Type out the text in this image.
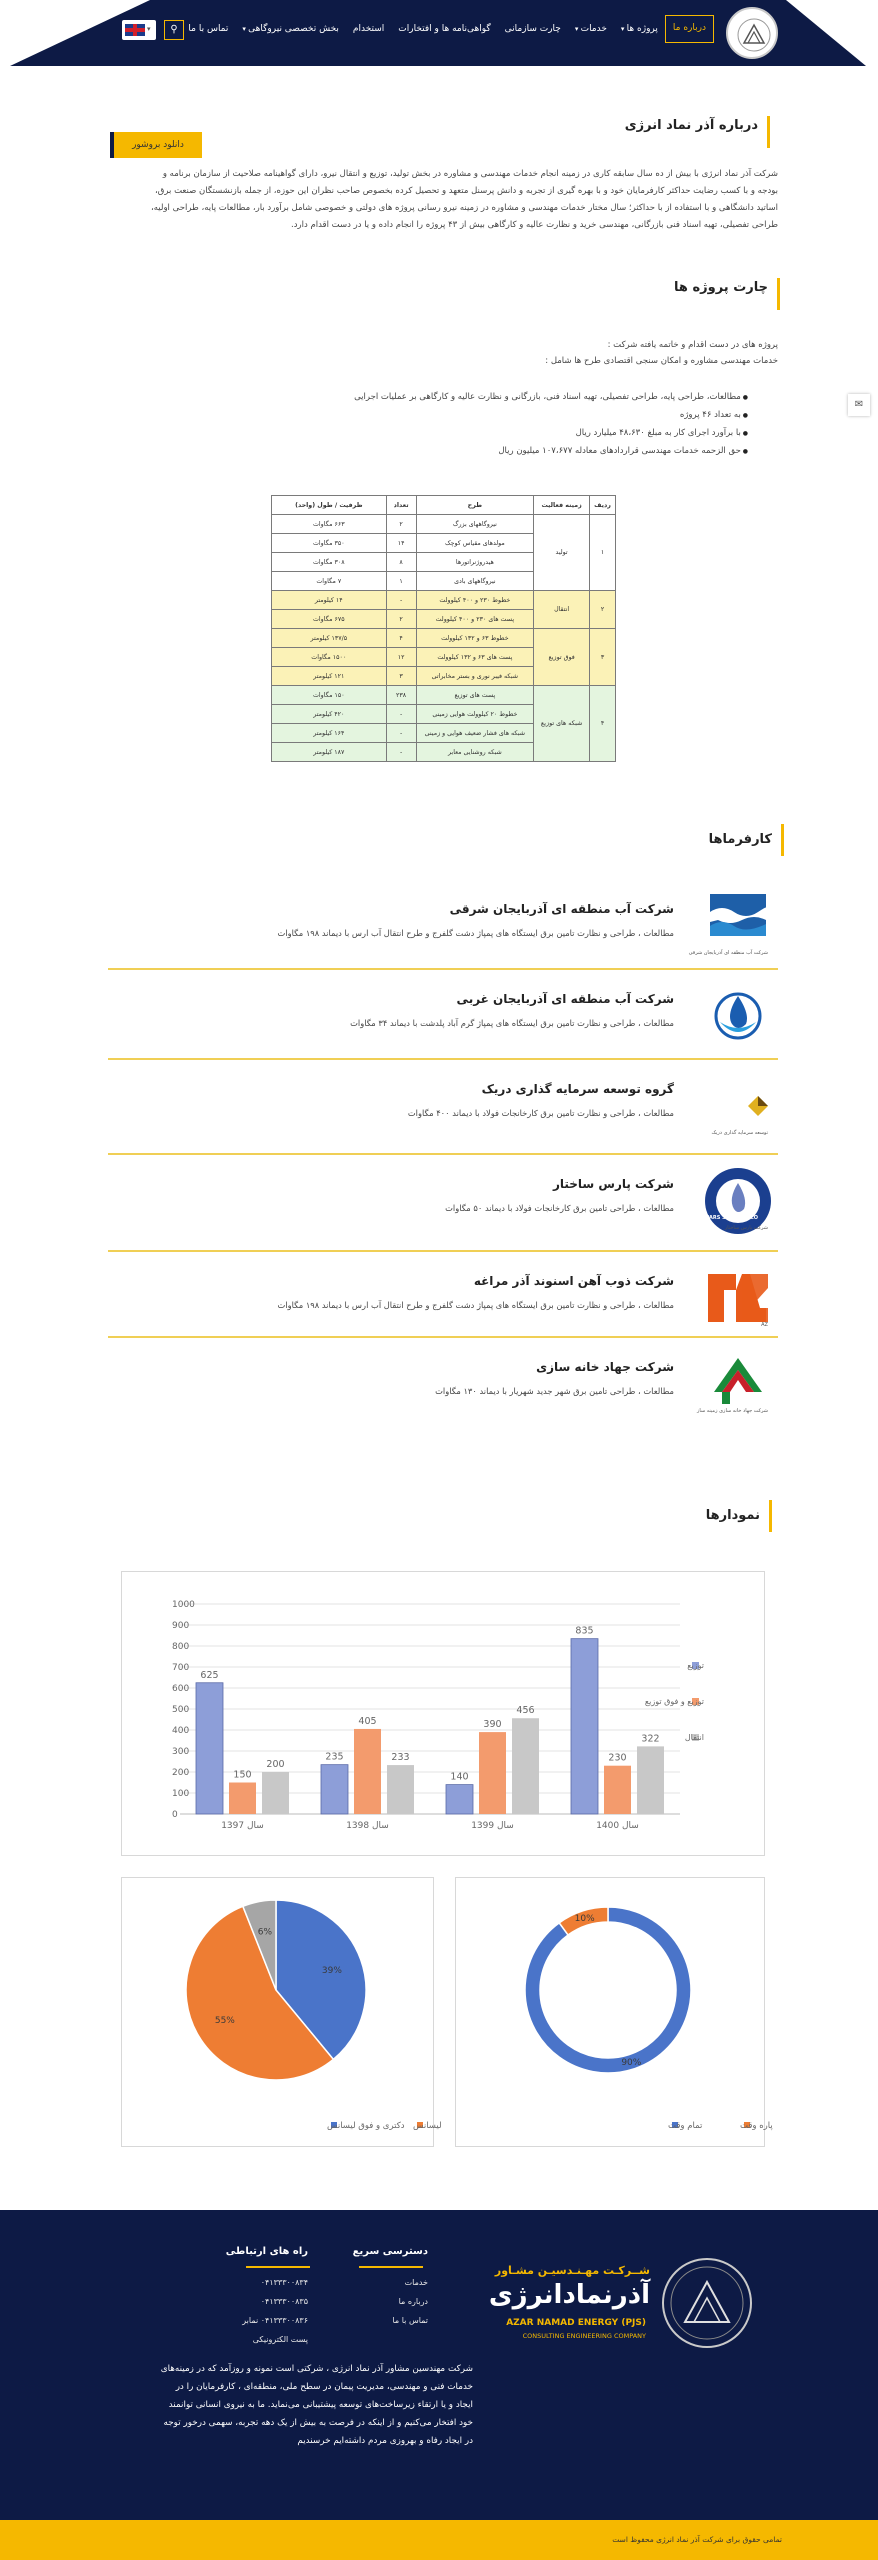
درباره ما
پروژه ها ▾
خدمات ▾
چارت سازمانی
گواهی‌نامه ها و افتخارات
استخدام
بخش تخصصی نیروگاهی ▾
تماس با ما
⚲
▾
درباره آذر نماد انرژی
دانلود بروشور
شرکت آذر نماد انرژی با بیش از ده سال سابقه کاری در زمینه انجام خدمات مهندسی و مشاوره در بخش تولید، توزیع و انتقال نیرو، دارای گواهینامه صلاحیت از سازمان برنامه و
بودجه و با کسب رضایت حداکثر کارفرمایان خود و با بهره گیری از تجربه و دانش پرسنل متعهد و تحصیل کرده بخصوص صاحب نظران این حوزه، از جمله بازنشستگان صنعت برق،
اساتید دانشگاهی و با استفاده از با حداکثر؛ سال مختار خدمات مهندسی و مشاوره در زمینه نیرو رسانی پروژه های دولتی و خصوصی شامل برآورد بار، مطالعات پایه، طراحی اولیه،
طراحی تفصیلی، تهیه اسناد فنی بازرگانی، مهندسی خرید و نظارت عالیه و کارگاهی بیش از ۴۳ پروژه را انجام داده و یا در دست اقدام دارد.
✉
چارت پروژه ها
پروژه های در دست اقدام و خاتمه یافته شرکت :
خدمات مهندسی مشاوره و امکان سنجی اقتصادی طرح ها شامل :
● مطالعات، طراحی پایه، طراحی تفصیلی، تهیه اسناد فنی، بازرگانی و نظارت عالیه و کارگاهی بر عملیات اجرایی
● به تعداد ۴۶ پروژه
● با برآورد اجرای کار به مبلغ ۴۸،۶۳۰ میلیارد ریال
● حق الزحمه خدمات مهندسی قراردادهای معادله ۱۰۷،۶۷۷ میلیون ریال
ردیف	زمینه فعالیت	طرح	تعداد	ظرفیت / طول (واحد)
۱	تولید	نیروگاههای بزرگ	۲	۶۶۳ مگاوات
		مولدهای مقیاس کوچک	۱۴	۳۵۰ مگاوات
		هیدروژنراتورها	۸	۳۰۸ مگاوات
		نیروگاههای بادی	۱	۷ مگاوات
۲	انتقال	خطوط ۲۳۰ و ۴۰۰ کیلوولت	-	۱۴ کیلومتر
		پست های ۲۳۰ و ۴۰۰ کیلوولت	۲	۶۷۵ مگاوات
۳	فوق توزیع	خطوط ۶۳ و ۱۳۲ کیلوولت	۴	۱۳۷/۵ کیلومتر
		پست های ۶۳ و ۱۳۲ کیلوولت	۱۲	۱۵۰۰ مگاوات
		شبکه فیبر نوری و بستر مخابراتی	۳	۱۲۱ کیلومتر
۴	شبکه های توزیع	پست های توزیع	۲۳۸	۱۵۰ مگاوات
		خطوط ۲۰ کیلوولت هوایی زمینی	-	۴۲۰ کیلومتر
		شبکه های فشار ضعیف هوایی و زمینی	-	۱۶۴ کیلومتر
		شبکه روشنایی معابر	-	۱۸۷ کیلومتر
کارفرماها
شرکت آب منطقه ای آذربایجان شرقی
مطالعات ، طراحی و نظارت تامین برق ایستگاه های پمپاژ دشت گلفرج و طرح انتقال آب ارس با دیماند ۱۹۸ مگاوات
شرکت آب منطقه ای آذربایجان شرقی
شرکت آب منطقه ای آذربایجان غربی
مطالعات ، طراحی و نظارت تامین برق ایستگاه های پمپاژ گرم آباد پلدشت با دیماند ۳۴ مگاوات
گروه توسعه سرمایه گذاری دریک
مطالعات ، طراحی و نظارت تامین برق کارخانجات فولاد با دیماند ۴۰۰ مگاوات
توسعه سرمایه گذاری دریک
شرکت پارس ساختار
مطالعات ، طراحی تامین برق کارخانجات فولاد با دیماند ۵۰ مگاوات
شرکت پارس ساختار
PARS SAKHTAR CO.
شرکت ذوب آهن اسنوند آذر مراغه
مطالعات ، طراحی و نظارت تامین برق ایستگاه های پمپاژ دشت گلفرج و طرح انتقال آب ارس با دیماند ۱۹۸ مگاوات
AZ
شرکت جهاد خانه سازی
مطالعات ، طراحی تامین برق شهر جدید شهریار با دیماند ۱۳۰ مگاوات
شرکت جهاد خانه سازی زمینه ساز
نمودارها
0
100
200
300
400
500
600
700
800
900
1000
625
150
200
سال 1397
235
405
233
سال 1398
140
390
456
سال 1399
835
230
322
سال 1400
توزیع
توزیع و فوق توزیع
انتقال
39%
55%
6%
دکتری و فوق لیسانس لیسانس
90%
10%
تمام وقت	پاره وقت
شــرکـت مهـنـدسیـن مشـاور
آذرنمادانرژی
AZAR NAMAD ENERGY (PJS)
CONSULTING ENGINEERING COMPANY
دسترسی سریع
خدمات
درباره ما
تماس با ما
راه های ارتباطی
۰۴۱۳۳۳۰۰۸۳۴
۰۴۱۳۳۳۰۰۸۳۵
۰۴۱۳۳۳۰۰۸۳۶ نمابر
پست الکترونیکی
شرکت مهندسین مشاور آذر نماد انرژی ، شرکتی است نمونه و روزآمد که در زمینه‌های
خدمات فنی و مهندسی، مدیریت پیمان در سطح ملی، منطقه‌ای ، کارفرمایان را در
ایجاد و یا ارتقاء زیرساخت‌های توسعه پیشتیبانی می‌نماید. ما به نیروی انسانی توانمند
خود افتخار می‌کنیم و از اینکه در فرصت به بیش از یک دهه تجربه، سهمی درخور توجه
در ایجاد رفاه و بهروزی مردم داشته‌ایم خرسندیم
تمامی حقوق برای شرکت آذر نماد انرژی محفوظ است
